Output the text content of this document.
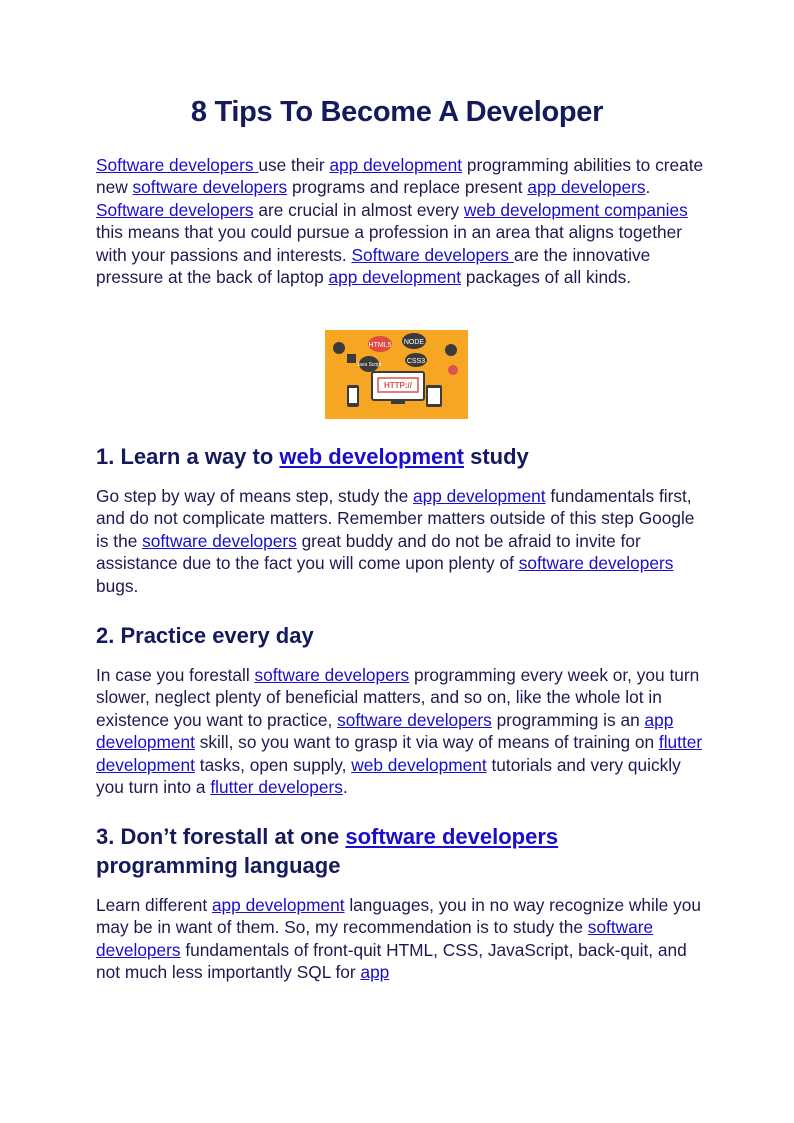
8 Tips To Become A Developer

Software developers use their app development programming abilities to create new software developers programs and replace present app developers. Software developers are crucial in almost every web development companies this means that you could pursue a profession in an area that aligns together with your passions and interests. Software developers are the innovative pressure at the back of laptop app development packages of all kinds.

HTML5 NODE
CSS3
Java Script
HTTP://
1. Learn a way to web development study

Go step by way of means step, study the app development fundamentals first, and do not complicate matters. Remember matters outside of this step Google is the software developers great buddy and do not be afraid to invite for assistance due to the fact you will come upon plenty of software developers bugs.

2. Practice every day

In case you forestall software developers programming every week or, you turn slower, neglect plenty of beneficial matters, and so on, like the whole lot in existence you want to practice, software developers programming is an app development skill, so you want to grasp it via way of means of training on flutter development tasks, open supply, web development tutorials and very quickly you turn into a flutter developers.

3. Don’t forestall at one software developers programming language

Learn different app development languages, you in no way recognize while you may be in want of them. So, my recommendation is to study the software developers fundamentals of front-quit HTML, CSS, JavaScript, back-quit, and not much less importantly SQL for app
